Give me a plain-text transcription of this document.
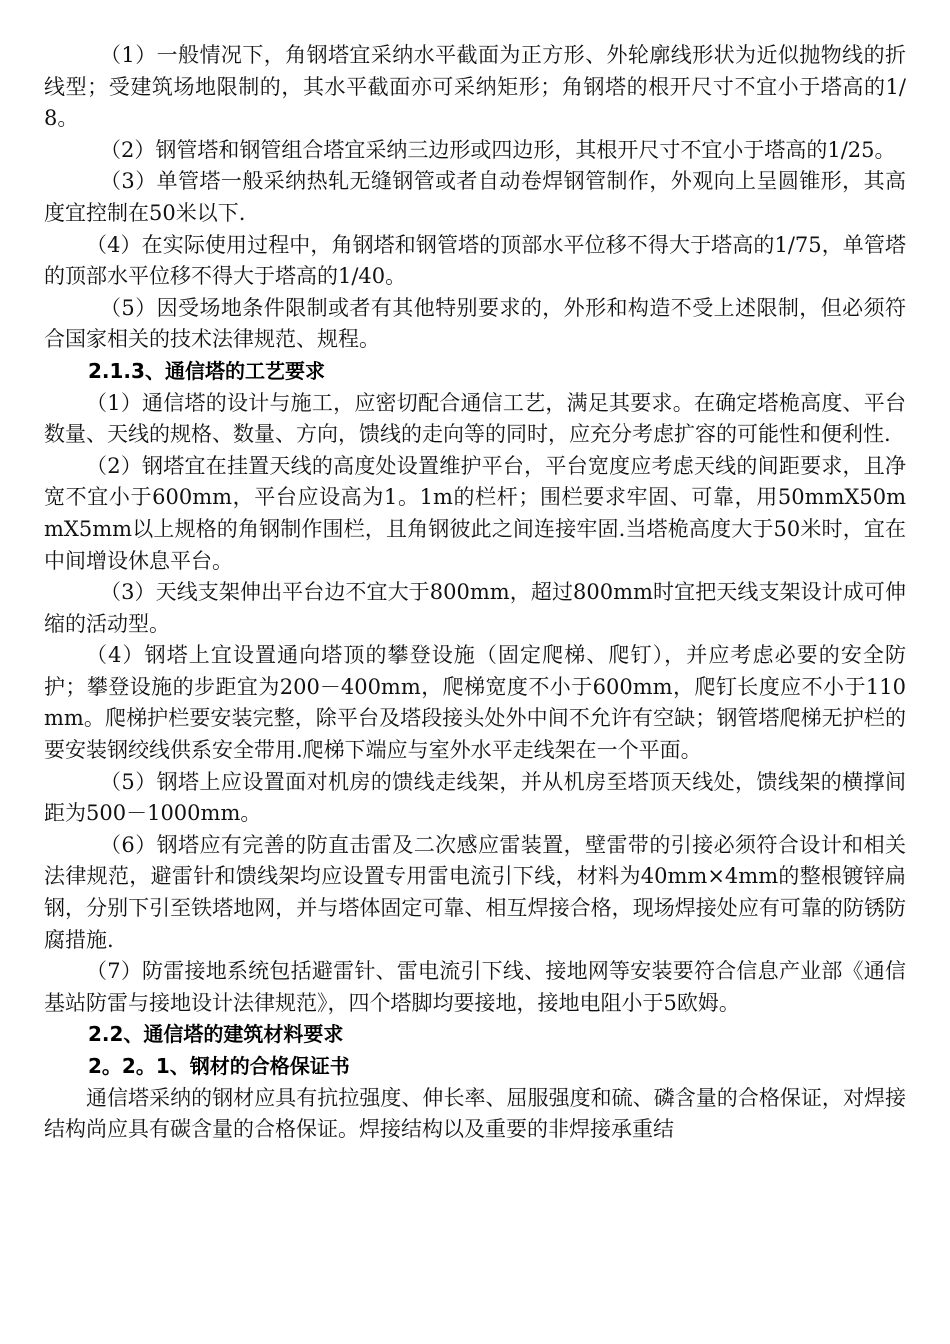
（1）一般情况下，角钢塔宜采纳水平截面为正方形、外轮廓线形状为近似抛物线的折线型；受建筑场地限制的，其水平截面亦可采纳矩形；角钢塔的根开尺寸不宜小于塔高的1/8。

（2）钢管塔和钢管组合塔宜采纳三边形或四边形，其根开尺寸不宜小于塔高的1/25。

（3）单管塔一般采纳热轧无缝钢管或者自动卷焊钢管制作，外观向上呈圆锥形，其高度宜控制在50米以下.

（4）在实际使用过程中，角钢塔和钢管塔的顶部水平位移不得大于塔高的1/75，单管塔的顶部水平位移不得大于塔高的1/40。

（5）因受场地条件限制或者有其他特别要求的，外形和构造不受上述限制，但必须符合国家相关的技术法律规范、规程。

2.1.3、通信塔的工艺要求

（1）通信塔的设计与施工，应密切配合通信工艺，满足其要求。在确定塔桅高度、平台数量、天线的规格、数量、方向，馈线的走向等的同时，应充分考虑扩容的可能性和便利性.

（2）钢塔宜在挂置天线的高度处设置维护平台，平台宽度应考虑天线的间距要求，且净宽不宜小于600mm，平台应设高为1。1m的栏杆；围栏要求牢固、可靠，用50mmX50mmX5mm以上规格的角钢制作围栏，且角钢彼此之间连接牢固.当塔桅高度大于50米时，宜在中间增设休息平台。

（3）天线支架伸出平台边不宜大于800mm，超过800mm时宜把天线支架设计成可伸缩的活动型。

（4）钢塔上宜设置通向塔顶的攀登设施（固定爬梯、爬钉），并应考虑必要的安全防护；攀登设施的步距宜为200－400mm，爬梯宽度不小于600mm，爬钉长度应不小于110mm。爬梯护栏要安装完整，除平台及塔段接头处外中间不允许有空缺；钢管塔爬梯无护栏的要安装钢绞线供系安全带用.爬梯下端应与室外水平走线架在一个平面。

（5）钢塔上应设置面对机房的馈线走线架，并从机房至塔顶天线处，馈线架的横撑间距为500－1000mm。

（6）钢塔应有完善的防直击雷及二次感应雷装置，壁雷带的引接必须符合设计和相关法律规范，避雷针和馈线架均应设置专用雷电流引下线，材料为40mm×4mm的整根镀锌扁钢，分别下引至铁塔地网，并与塔体固定可靠、相互焊接合格，现场焊接处应有可靠的防锈防腐措施.

（7）防雷接地系统包括避雷针、雷电流引下线、接地网等安装要符合信息产业部《通信基站防雷与接地设计法律规范》，四个塔脚均要接地，接地电阻小于5欧姆。

2.2、通信塔的建筑材料要求
2。2。1、钢材的合格保证书

通信塔采纳的钢材应具有抗拉强度、伸长率、屈服强度和硫、磷含量的合格保证，对焊接结构尚应具有碳含量的合格保证。焊接结构以及重要的非焊接承重结
